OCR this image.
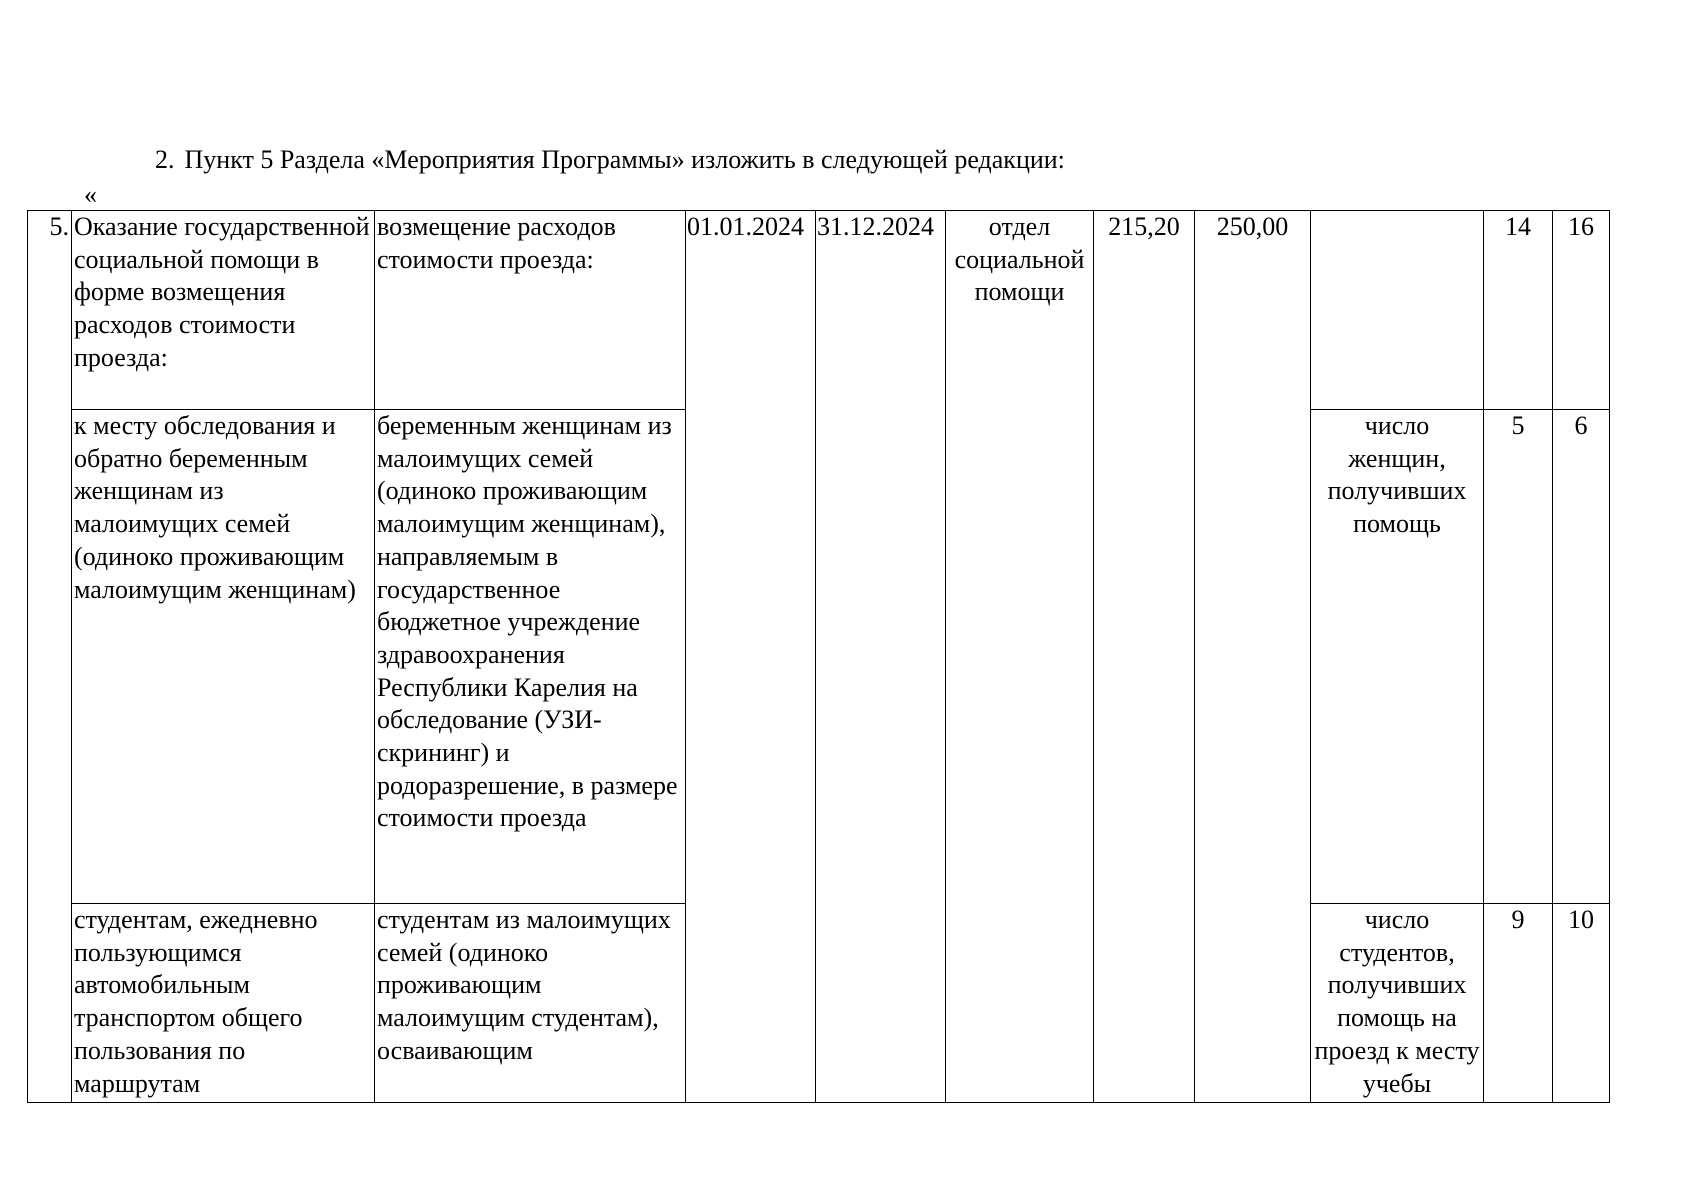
2. Пункт 5 Раздела «Мероприятия Программы» изложить в следующей редакции:
«
5.	Оказание государственной социальной помощи в форме возмещения расходов стоимости проезда:	возмещение расходов стоимости проезда:	01.01.2024	31.12.2024	отдел социальной помощи	215,20	250,00		14	16
	к месту обследования и обратно беременным женщинам из малоимущих семей (одиноко проживающим малоимущим женщинам)	беременным женщинам из малоимущих семей (одиноко проживающим малоимущим женщинам), направляемым в государственное бюджетное учреждение здравоохранения Республики Карелия на обследование (УЗИ-скрининг) и родоразрешение, в размере стоимости проезда						число женщин, получивших помощь	5	6
	студентам, ежедневно пользующимся автомобильным транспортом общего пользования по маршрутам	студентам из малоимущих семей (одиноко проживающим малоимущим студентам), осваивающим						число студентов, получивших помощь на проезд к месту учебы	9	10
